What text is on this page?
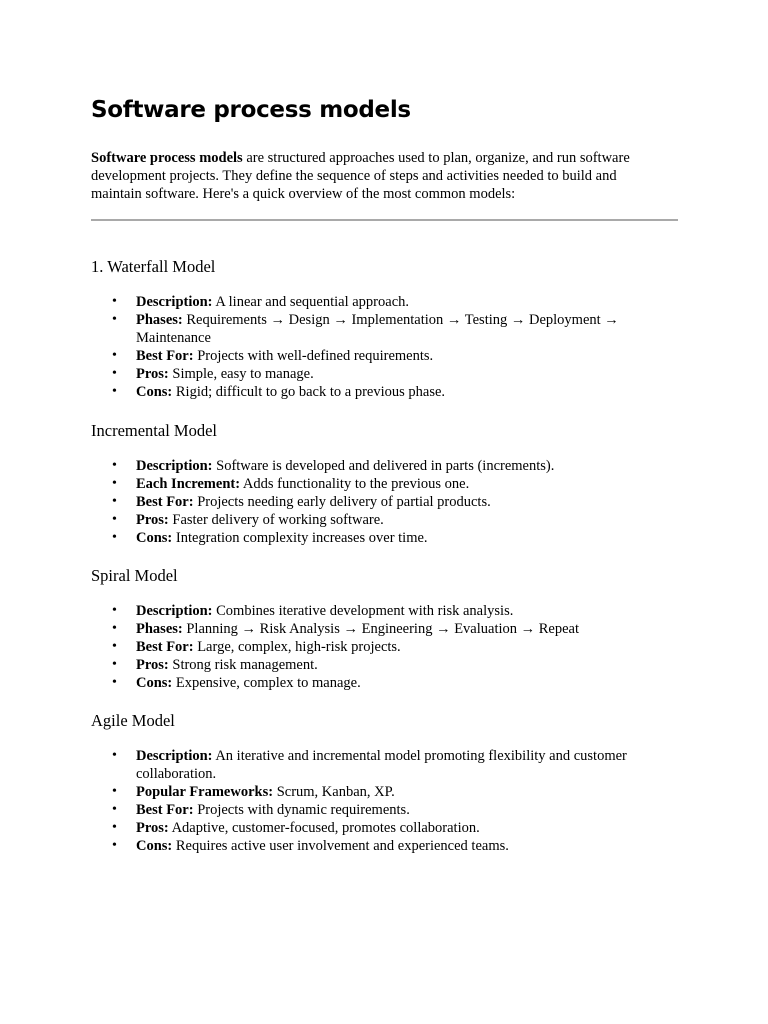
Software process models

Software process models are structured approaches used to plan, organize, and run software development projects. They define the sequence of steps and activities needed to build and maintain software. Here's a quick overview of the most common models:

1. Waterfall Model
• Description: A linear and sequential approach.
• Phases: Requirements → Design → Implementation → Testing → Deployment → Maintenance
• Best For: Projects with well-defined requirements.
• Pros: Simple, easy to manage.
• Cons: Rigid; difficult to go back to a previous phase.
Incremental Model
• Description: Software is developed and delivered in parts (increments).
• Each Increment: Adds functionality to the previous one.
• Best For: Projects needing early delivery of partial products.
• Pros: Faster delivery of working software.
• Cons: Integration complexity increases over time.
Spiral Model
• Description: Combines iterative development with risk analysis.
• Phases: Planning → Risk Analysis → Engineering → Evaluation → Repeat
• Best For: Large, complex, high-risk projects.
• Pros: Strong risk management.
• Cons: Expensive, complex to manage.
Agile Model
• Description: An iterative and incremental model promoting flexibility and customer collaboration.
• Popular Frameworks: Scrum, Kanban, XP.
• Best For: Projects with dynamic requirements.
• Pros: Adaptive, customer-focused, promotes collaboration.
• Cons: Requires active user involvement and experienced teams.
